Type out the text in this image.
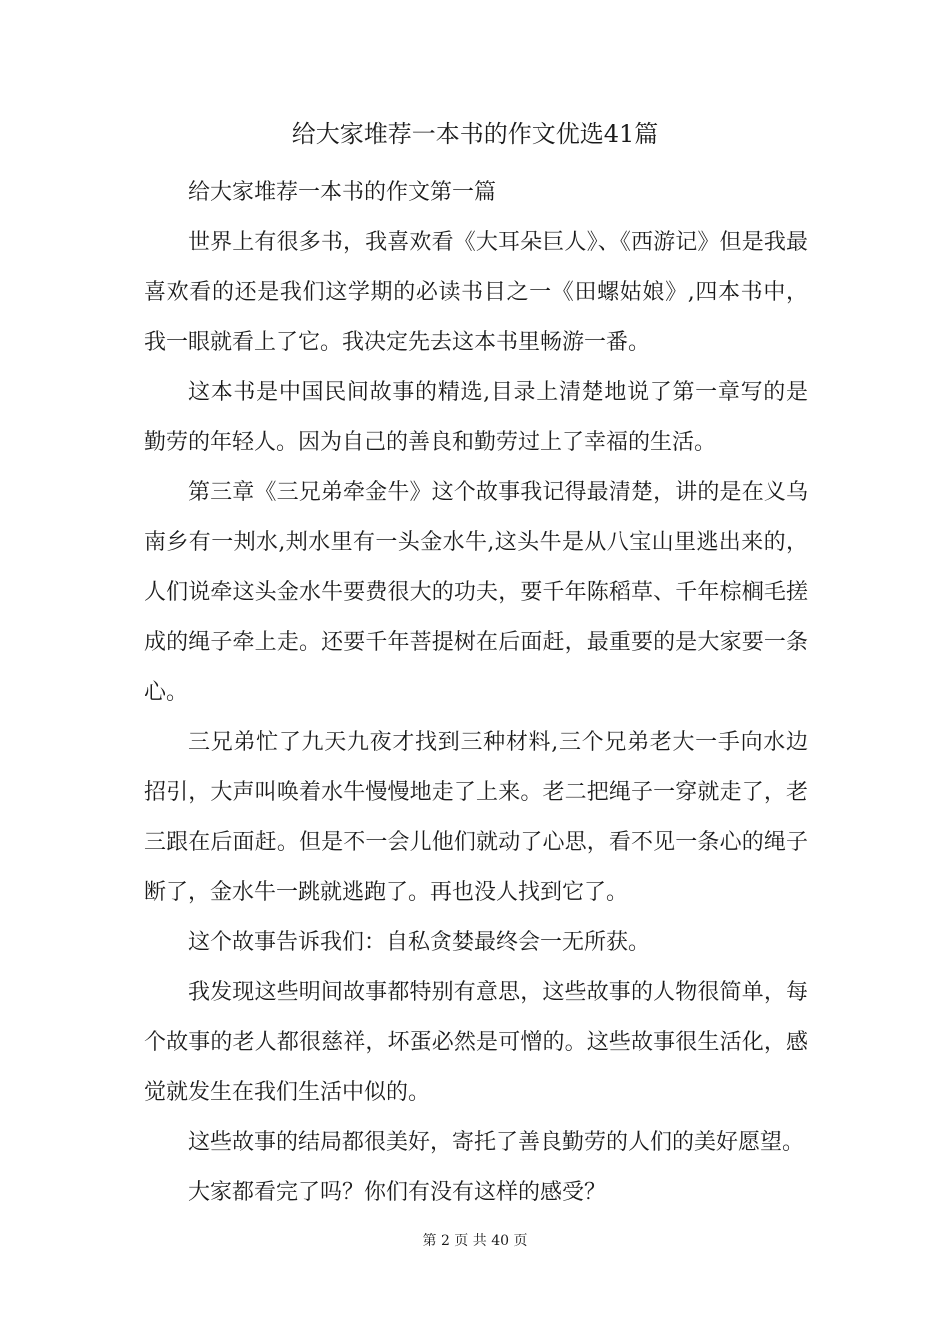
给大家堆荐一本书的作文优选41篇

给大家堆荐一本书的作文第一篇

世界上有很多书，我喜欢看《大耳朵巨人》、《西游记》但是我最喜欢看的还是我们这学期的必读书目之一《田螺姑娘》,四本书中，我一眼就看上了它。我决定先去这本书里畅游一番。

这本书是中国民间故事的精选,目录上清楚地说了第一章写的是勤劳的年轻人。因为自己的善良和勤劳过上了幸福的生活。

第三章《三兄弟牵金牛》这个故事我记得最清楚，讲的是在义乌南乡有一刔水,刔水里有一头金水牛,这头牛是从八宝山里逃出来的，人们说牵这头金水牛要费很大的功夫，要千年陈稻草、千年棕榈毛搓成的绳子牵上走。还要千年菩提树在后面赶，最重要的是大家要一条心。

三兄弟忙了九天九夜才找到三种材料,三个兄弟老大一手向水边招引，大声叫唤着水牛慢慢地走了上来。老二把绳子一穿就走了，老三跟在后面赶。但是不一会儿他们就动了心思，看不见一条心的绳子断了，金水牛一跳就逃跑了。再也没人找到它了。

这个故事告诉我们：自私贪婪最终会一无所获。

我发现这些明间故事都特别有意思，这些故事的人物很简单，每个故事的老人都很慈祥，坏蛋必然是可憎的。这些故事很生活化，感觉就发生在我们生活中似的。

这些故事的结局都很美好，寄托了善良勤劳的人们的美好愿望。

大家都看完了吗？你们有没有这样的感受？

第 2 页 共 40 页
